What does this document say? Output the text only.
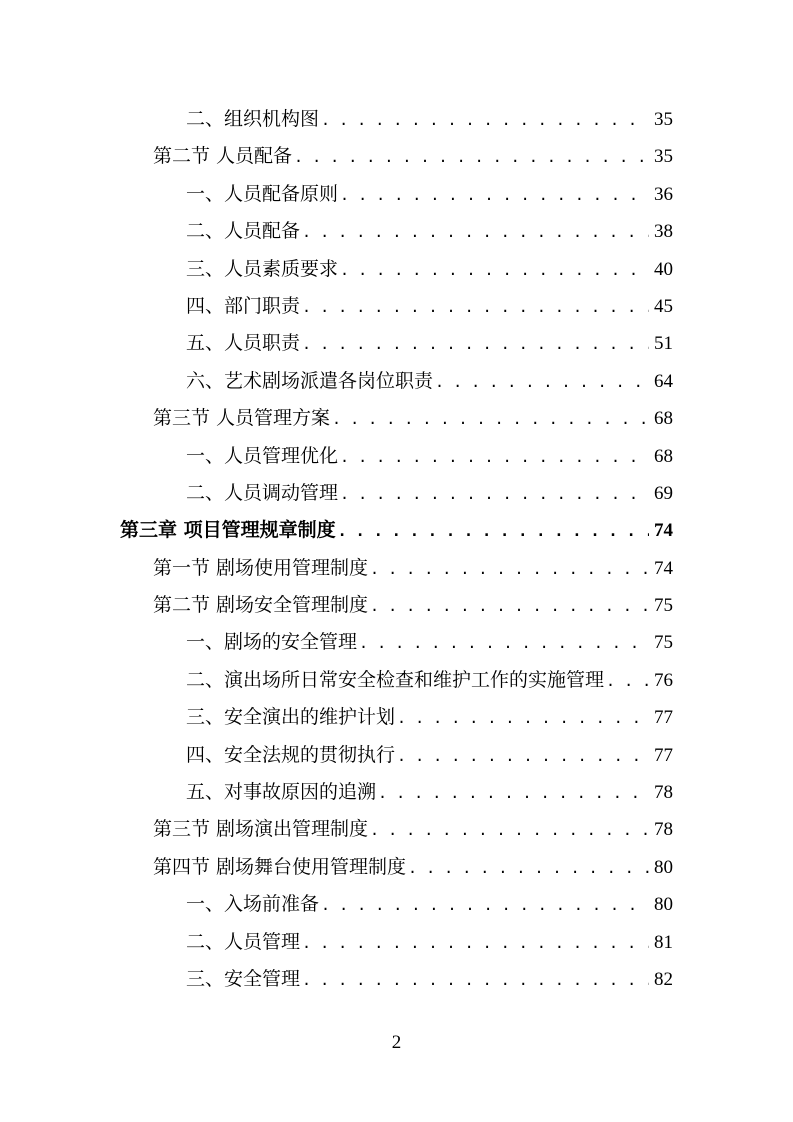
二、组织机构图 . . .	35
第二节 人员配备 . . .	35
一、人员配备原则 . . .	36
二、人员配备 . . .	38
三、人员素质要求 . . .	40
四、部门职责 . . .	45
五、人员职责 . . .	51
六、艺术剧场派遣各岗位职责 . . .	64
第三节 人员管理方案 . . .	68
一、人员管理优化 . . .	68
二、人员调动管理 . . .	69
第三章 项目管理规章制度 . . .	74
第一节 剧场使用管理制度 . . .	74
第二节 剧场安全管理制度 . . .	75
一、剧场的安全管理 . . .	75
二、演出场所日常安全检查和维护工作的实施管理 . . .	76
三、安全演出的维护计划 . . .	77
四、安全法规的贯彻执行 . . .	77
五、对事故原因的追溯 . . .	78
第三节 剧场演出管理制度 . . .	78
第四节 剧场舞台使用管理制度 . . .	80
一、入场前准备 . . .	80
二、人员管理 . . .	81
三、安全管理 . . .	82
2
